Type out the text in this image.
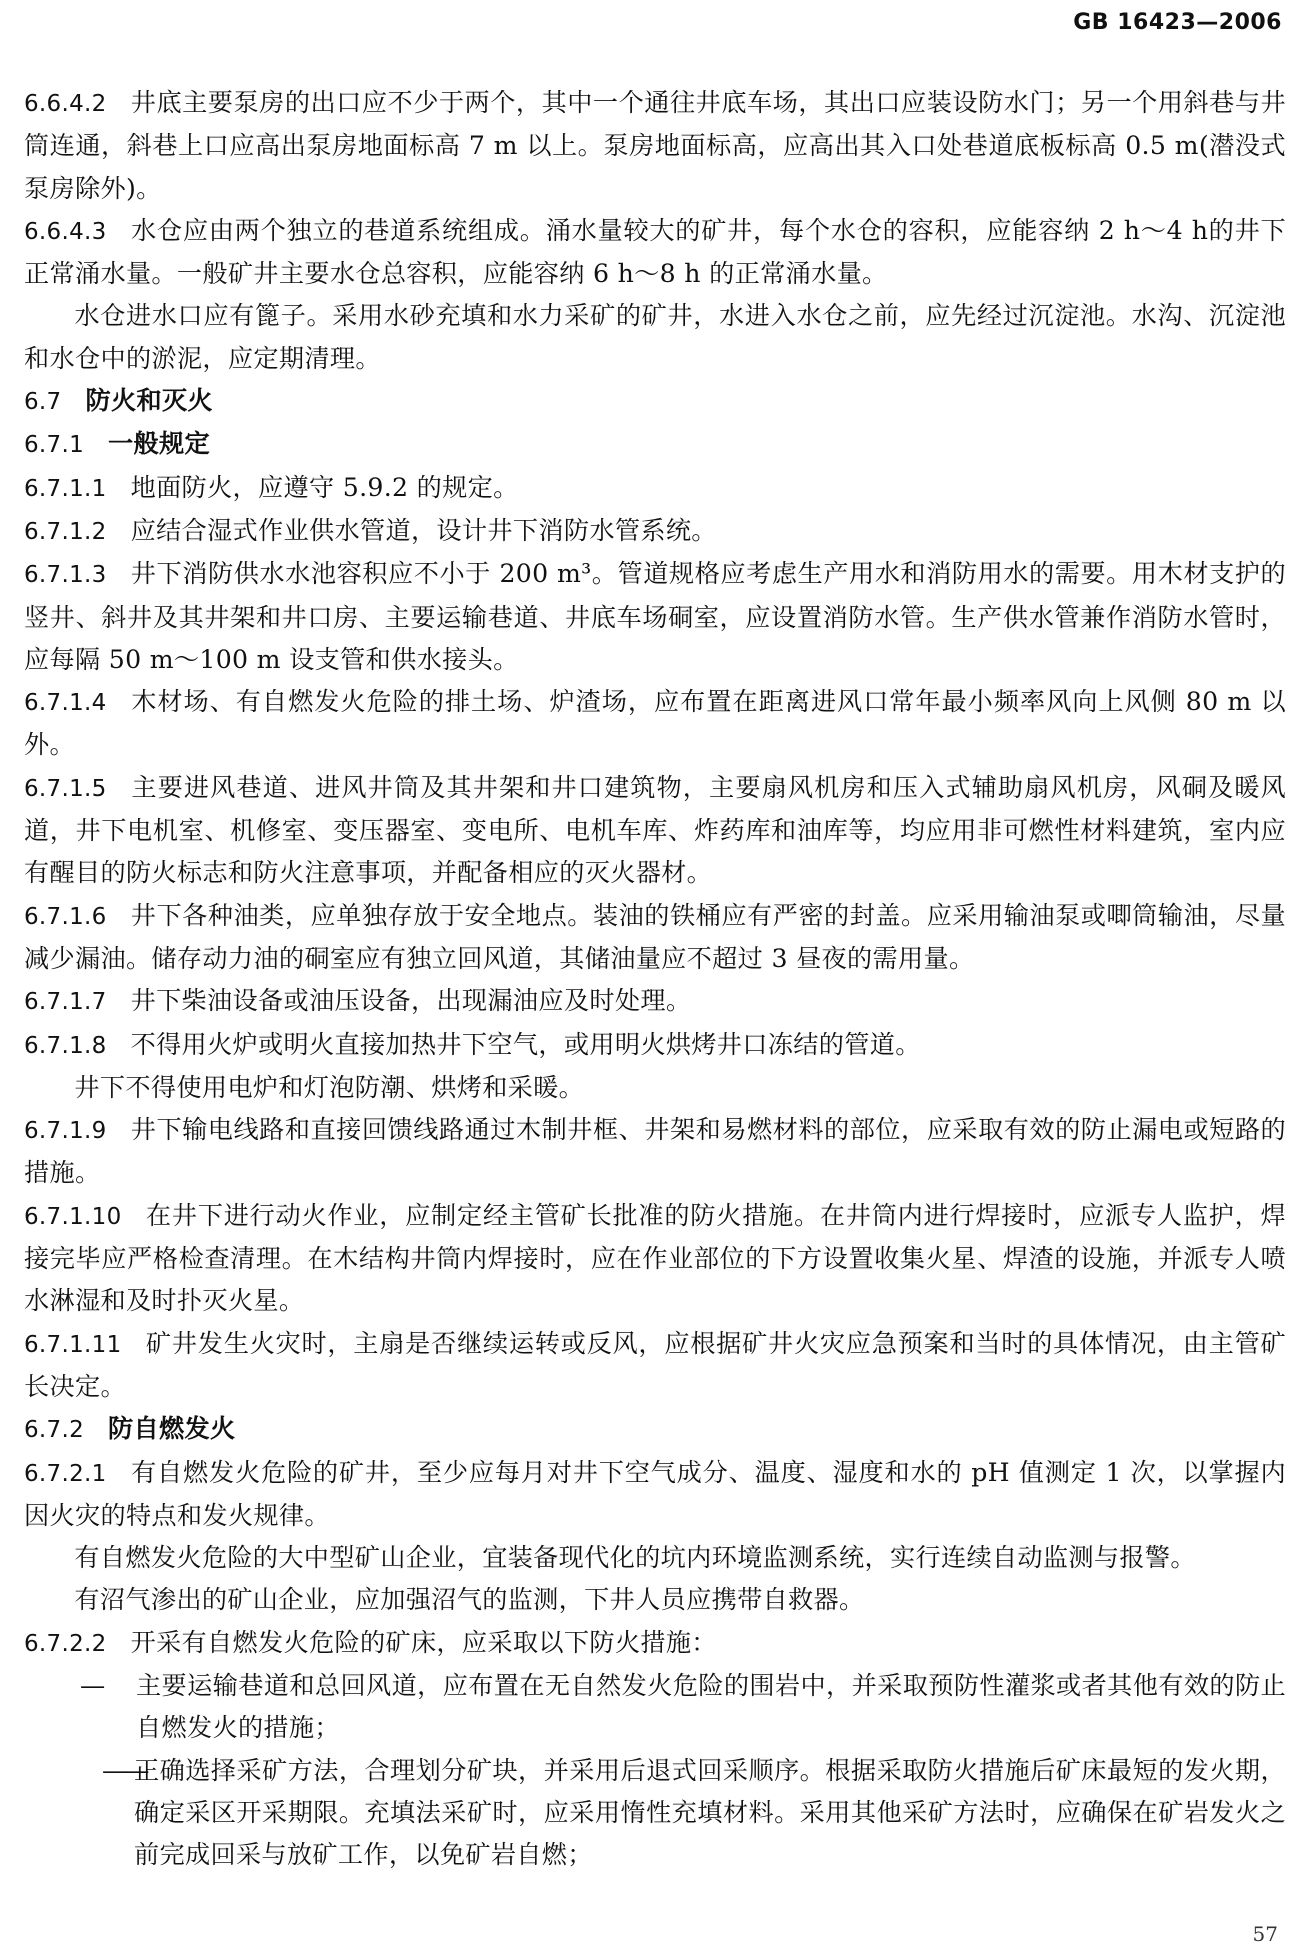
GB 16423—2006

6.6.4.2 井底主要泵房的出口应不少于两个，其中一个通往井底车场，其出口应装设防水门；另一个用斜巷与井筒连通，斜巷上口应高出泵房地面标高 7 m 以上。泵房地面标高，应高出其入口处巷道底板标高 0.5 m(潜没式泵房除外)。

6.6.4.3 水仓应由两个独立的巷道系统组成。涌水量较大的矿井，每个水仓的容积，应能容纳 2 h～4 h的井下正常涌水量。一般矿井主要水仓总容积，应能容纳 6 h～8 h 的正常涌水量。

水仓进水口应有篦子。采用水砂充填和水力采矿的矿井，水进入水仓之前，应先经过沉淀池。水沟、沉淀池和水仓中的淤泥，应定期清理。

6.7 防火和灭火

6.7.1 一般规定

6.7.1.1 地面防火，应遵守 5.9.2 的规定。

6.7.1.2 应结合湿式作业供水管道，设计井下消防水管系统。

6.7.1.3 井下消防供水水池容积应不小于 200 m³。管道规格应考虑生产用水和消防用水的需要。用木材支护的竖井、斜井及其井架和井口房、主要运输巷道、井底车场硐室，应设置消防水管。生产供水管兼作消防水管时，应每隔 50 m～100 m 设支管和供水接头。

6.7.1.4 木材场、有自燃发火危险的排土场、炉渣场，应布置在距离进风口常年最小频率风向上风侧 80 m 以外。

6.7.1.5 主要进风巷道、进风井筒及其井架和井口建筑物，主要扇风机房和压入式辅助扇风机房，风硐及暖风道，井下电机室、机修室、变压器室、变电所、电机车库、炸药库和油库等，均应用非可燃性材料建筑，室内应有醒目的防火标志和防火注意事项，并配备相应的灭火器材。

6.7.1.6 井下各种油类，应单独存放于安全地点。装油的铁桶应有严密的封盖。应采用输油泵或唧筒输油，尽量减少漏油。储存动力油的硐室应有独立回风道，其储油量应不超过 3 昼夜的需用量。

6.7.1.7 井下柴油设备或油压设备，出现漏油应及时处理。

6.7.1.8 不得用火炉或明火直接加热井下空气，或用明火烘烤井口冻结的管道。

井下不得使用电炉和灯泡防潮、烘烤和采暖。

6.7.1.9 井下输电线路和直接回馈线路通过木制井框、井架和易燃材料的部位，应采取有效的防止漏电或短路的措施。

6.7.1.10 在井下进行动火作业，应制定经主管矿长批准的防火措施。在井筒内进行焊接时，应派专人监护，焊接完毕应严格检查清理。在木结构井筒内焊接时，应在作业部位的下方设置收集火星、焊渣的设施，并派专人喷水淋湿和及时扑灭火星。

6.7.1.11 矿井发生火灾时，主扇是否继续运转或反风，应根据矿井火灾应急预案和当时的具体情况，由主管矿长决定。

6.7.2 防自燃发火

6.7.2.1 有自燃发火危险的矿井，至少应每月对井下空气成分、温度、湿度和水的 pH 值测定 1 次，以掌握内因火灾的特点和发火规律。

有自燃发火危险的大中型矿山企业，宜装备现代化的坑内环境监测系统，实行连续自动监测与报警。

有沼气渗出的矿山企业，应加强沼气的监测，下井人员应携带自救器。

6.7.2.2 开采有自燃发火危险的矿床，应采取以下防火措施：

— 主要运输巷道和总回风道，应布置在无自然发火危险的围岩中，并采取预防性灌浆或者其他有效的防止自燃发火的措施；

——
正确选择采矿方法，合理划分矿块，并采用后退式回采顺序。根据采取防火措施后矿床最短的发火期，确定采区开采期限。充填法采矿时，应采用惰性充填材料。采用其他采矿方法时，应确保在矿岩发火之前完成回采与放矿工作，以免矿岩自燃；

57
